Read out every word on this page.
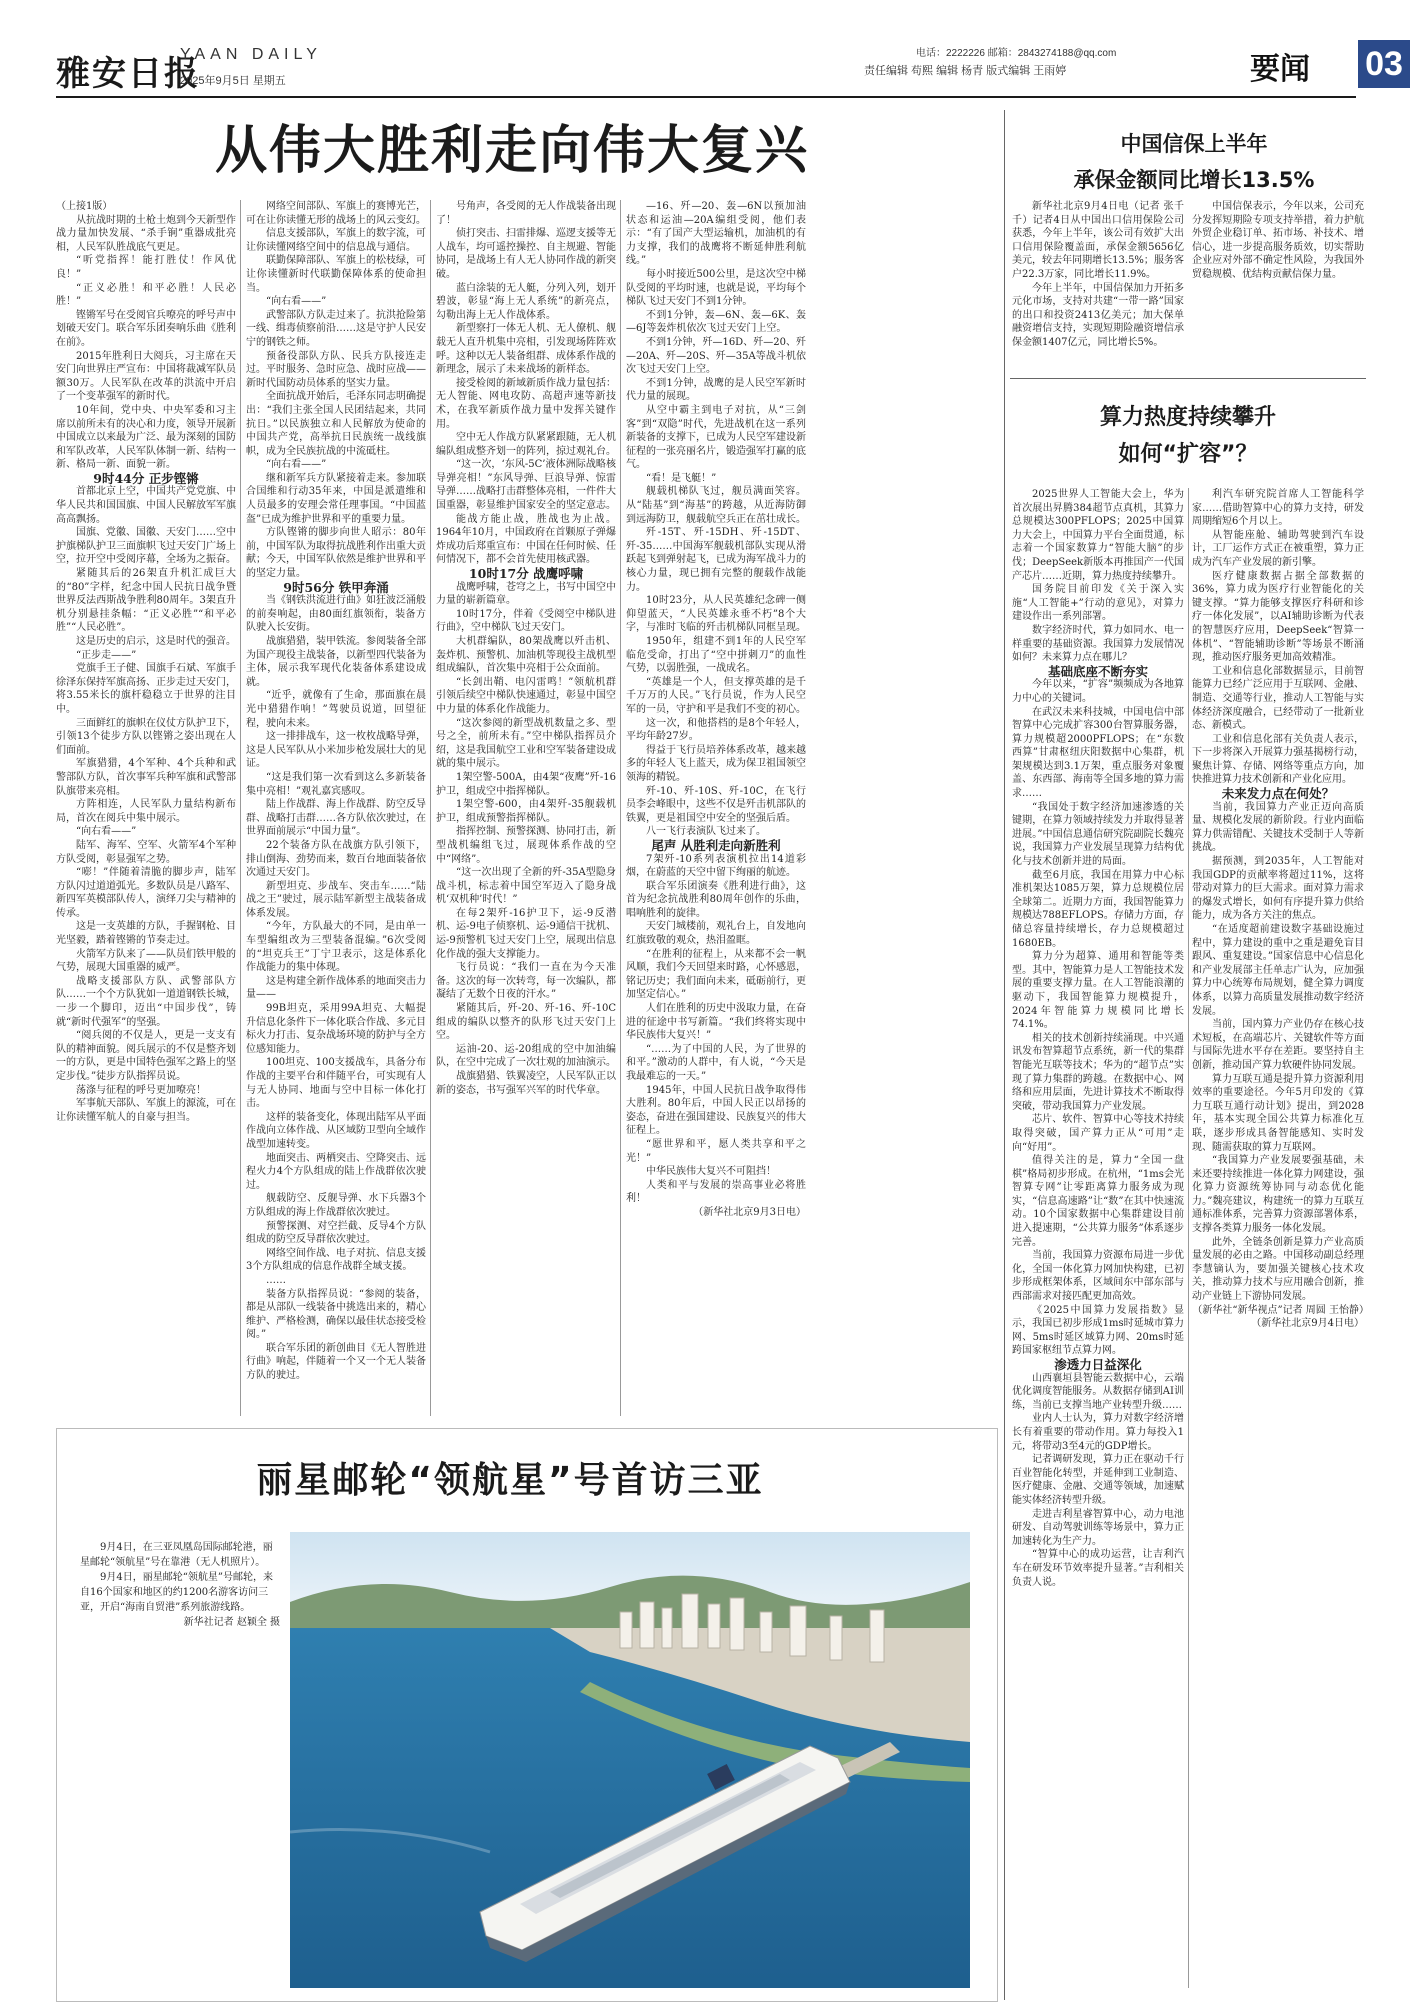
雅安日报
YAAN DAILY
2025年9月5日 星期五
电话：2222226 邮箱：2843274188@qq.com
责任编辑 苟熙 编辑 杨青 版式编辑 王雨婷	要闻 03
从伟大胜利走向伟大复兴	中国信保上半年
承保金额同比增长13.5%

（上接1版）

从抗战时期的土枪土炮到今天新型作战力量加快发展、“杀手锏”重器成批亮相，人民军队胜战底气更足。

“听党指挥！能打胜仗！作风优良！”

“正义必胜！和平必胜！人民必胜！”

铿锵军号在受阅官兵嘹亮的呼号声中划破天安门。联合军乐团奏响乐曲《胜利在前》。

2015年胜利日大阅兵，习主席在天安门向世界庄严宣布：中国将裁减军队员额30万。人民军队在改革的洪流中开启了一个变革强军的新时代。

10年间，党中央、中央军委和习主席以前所未有的决心和力度，领导开展新中国成立以来最为广泛、最为深刻的国防和军队改革，人民军队体制一新、结构一新、格局一新、面貌一新。

9时44分 正步铿锵

首都北京上空，中国共产党党旗、中华人民共和国国旗、中国人民解放军军旗高高飘扬。

国旗、党徽、国徽、天安门……空中护旗梯队护卫三面旗帜飞过天安门广场上空，拉开空中受阅序幕，全场为之振奋。

紧随其后的26架直升机汇成巨大的“80”字样，纪念中国人民抗日战争暨世界反法西斯战争胜利80周年。3架直升机分别悬挂条幅：“正义必胜”“和平必胜”“人民必胜”。

这是历史的启示，这是时代的强音。

“正步走——”

党旗手王子健、国旗手石斌、军旗手徐泽东保持军旗高扬、正步走过天安门，将3.55米长的旗杆稳稳立于世界的注目中。

三面鲜红的旗帜在仪仗方队护卫下，引领13个徒步方队以铿锵之姿出现在人们面前。

军旗猎猎，4个军种、4个兵种和武警部队方队，首次事军兵种军旗和武警部队旗带来亮相。

方阵相连，人民军队力量结构新布局，首次在阅兵中集中展示。

“向右看——”

陆军、海军、空军、火箭军4个军种方队受阅，彰显强军之势。

“嘭！”伴随着清脆的脚步声，陆军方队闪过道道弧光。多数队员是八路军、新四军英模部队传人，演绎刀尖与精神的传承。

这是一支英雄的方队，手握钢枪、目光坚毅，踏着铿锵的节奏走过。

火箭军方队来了——队员们铁甲般的气势，展现大国重器的威严。

战略支援部队方队、武警部队方队……一个个方队犹如一道道钢铁长城，一步一个脚印，迈出“中国步伐”，铸就“新时代强军”的坚强。

“阅兵阅的不仅是人，更是一支支有队的精神面貌。阅兵展示的不仅是整齐划一的方队，更是中国特色强军之路上的坚定步伐。”徒步方队指挥员说。

荡涤与征程的呼号更加嘹亮！

军事航天部队、军旗上的源流，可在让你读懂军航人的自豪与担当。

网络空间部队、军旗上的赛博光芒，可在让你读懂无形的战场上的风云变幻。

信息支援部队，军旗上的数字流，可让你读懂网络空间中的信息战与通信。

联勤保障部队、军旗上的松枝绿，可让你读懂新时代联勤保障体系的使命担当。

“向右看——”

武警部队方队走过来了。抗洪抢险第一线、缉毒侦察前沿……这是守护人民安宁的钢铁之师。

预备役部队方队、民兵方队接连走过。平时服务、急时应急、战时应战——新时代国防动员体系的坚实力量。

全面抗战开始后，毛泽东同志明确提出：“我们主张全国人民团结起来，共同抗日。”以民族独立和人民解放为使命的中国共产党，高举抗日民族统一战线旗帜，成为全民族抗战的中流砥柱。

“向右看——”

继和新军兵方队紧接着走来。参加联合国维和行动35年来，中国是派遣维和人员最多的安理会常任理事国。“中国蓝盔”已成为维护世界和平的重要力量。

方队铿锵的脚步向世人昭示：80年前，中国军队为取得抗战胜利作出重大贡献；今天，中国军队依然是维护世界和平的坚定力量。

9时56分 铁甲奔涌

当《钢铁洪流进行曲》如狂波泛涌般的前奏响起，由80面红旗领衔，装备方队驶入长安街。

战旗猎猎，装甲铁流。参阅装备全部为国产现役主战装备，以新型四代装备为主体，展示我军现代化装备体系建设成就。

“近乎，就像有了生命，那面旗在晨光中猎猎作响！”驾驶员说道，回望征程，驶向未来。

这一排排战车，这一枚枚战略导弹，这是人民军队从小米加步枪发展壮大的见证。

“这是我们第一次看到这么多新装备集中亮相！”观礼嘉宾感叹。

陆上作战群、海上作战群、防空反导群、战略打击群……各方队依次驶过，在世界面前展示“中国力量”。

22个装备方队在战旗方队引领下，排山倒海、劲势而来，数百台地面装备依次通过天安门。

新型坦克、步战车、突击车……“陆战之王”驶过，展示陆军新型主战装备成体系发展。

“今年，方队最大的不同，是由单一车型编组改为三型装备混编。”6次受阅的“坦克兵王”丁宁卫表示，这是体系化作战能力的集中体现。

这是构建全新作战体系的地面突击力量——

99B坦克，采用99A坦克、大幅提升信息化条件下一体化联合作战、多元目标火力打击、复杂战场环境的防护与全方位感知能力。

100坦克、100支援战车，具备分布作战的主要平台和伴随平台，可实现有人与无人协同、地面与空中目标一体化打击。

这样的装备变化，体现出陆军从平面作战向立体作战、从区域防卫型向全域作战型加速转变。

地面突击、两栖突击、空降突击、远程火力4个方队组成的陆上作战群依次驶过。

舰载防空、反舰导弹、水下兵器3个方队组成的海上作战群依次驶过。

预警探测、对空拦截、反导4个方队组成的防空反导群依次驶过。

网络空间作战、电子对抗、信息支援3个方队组成的信息作战群全域支援。

……

装备方队指挥员说：“参阅的装备，都是从部队一线装备中挑选出来的，精心维护、严格检测，确保以最佳状态接受检阅。”

联合军乐团的新创曲目《无人智胜进行曲》响起，伴随着一个又一个无人装备方队的驶过。

号角声，各受阅的无人作战装备出现了！

侦打突击、扫雷排爆、巡逻支援等无人战车，均可遥控操控、自主规避、智能协同，是战场上有人无人协同作战的新突破。

蓝白涂装的无人艇，分列入列，划开碧波，彰显“海上无人系统”的新亮点，勾勒出海上无人作战体系。

新型察打一体无人机、无人僚机、舰载无人直升机集中亮相，引发现场阵阵欢呼。这种以无人装备组群、成体系作战的新理念，展示了未来战场的新样态。

接受检阅的新域新质作战力量包括：无人智能、网电攻防、高超声速等新技术，在我军新质作战力量中发挥关键作用。

空中无人作战方队紧紧跟随，无人机编队组成整齐划一的阵列，掠过观礼台。

“这一次，‘东风-5C’液体洲际战略核导弹亮相！”东风导弹、巨浪导弹、惊雷导弹……战略打击群整体亮相，一件件大国重器，彰显维护国家安全的坚定意志。

能战方能止战，胜战也为止战。1964年10月，中国政府在首颗原子弹爆炸成功后郑重宣布：中国在任何时候、任何情况下，都不会首先使用核武器。

10时17分 战鹰呼啸

战鹰呼啸，苍穹之上，书写中国空中力量的崭新篇章。

10时17分，伴着《受阅空中梯队进行曲》，空中梯队飞过天安门。

大机群编队，80架战鹰以歼击机、轰炸机、预警机、加油机等现役主战机型组成编队，首次集中亮相于公众面前。

“长剑出鞘、电闪雷鸣！”领航机群引领后续空中梯队快速通过，彰显中国空中力量的体系化作战能力。

“这次参阅的新型战机数量之多、型号之全，前所未有。”空中梯队指挥员介绍，这是我国航空工业和空军装备建设成就的集中展示。

1架空警-500A，由4架“夜鹰”歼-16护卫，组成空中指挥梯队。

1架空警-600，由4架歼-35舰载机护卫，组成预警指挥梯队。

指挥控制、预警探测、协同打击，新型战机编组飞过，展现体系作战的空中“网络”。

“这一次出现了全新的歼-35A型隐身战斗机，标志着中国空军迈入了隐身战机‘双机种’时代！”

在每2架歼-16护卫下，运-9反潜机、运-9电子侦察机、运-9通信干扰机、运-9预警机飞过天安门上空，展现出信息化作战的强大支撑能力。

飞行员说：“我们一直在为今天准备。这次的每一次转弯，每一次编队，都凝结了无数个日夜的汗水。”

紧随其后，歼-20、歼-16、歼-10C组成的编队以整齐的队形飞过天安门上空。

运油-20、运-20组成的空中加油编队，在空中完成了一次壮观的加油演示。

战旗猎猎、铁翼凌空，人民军队正以新的姿态，书写强军兴军的时代华章。

—16、歼—20、轰—6N以预加油状态和运油—20A编组受阅，他们表示：“有了国产大型运输机，加油机的有力支撑，我们的战鹰将不断延伸胜利航线。”

每小时接近500公里，是这次空中梯队受阅的平均时速，也就是说，平均每个梯队飞过天安门不到1分钟。

不到1分钟，轰—6N、轰—6K、轰—6J等轰炸机依次飞过天安门上空。

不到1分钟，歼—16D、歼—20、歼—20A、歼—20S、歼—35A等战斗机依次飞过天安门上空。

不到1分钟，战鹰的是人民空军新时代力量的展现。

从空中霸主到电子对抗，从“三剑客”到“双隐”时代，先进战机在这一系列新装备的支撑下，已成为人民空军建设新征程的一张亮丽名片，锻造强军打赢的底气。

“看！是飞艇！”

舰载机梯队飞过，舰员满面笑容。从“陆基”到“海基”的跨越，从近海防御到远海防卫，舰载航空兵正在茁壮成长。

歼-15T、歼-15DH、歼-15DT、歼-35……中国海军舰载机部队实现从滑跃起飞到弹射起飞，已成为海军战斗力的核心力量，现已拥有完整的舰载作战能力。

10时23分，从人民英雄纪念碑一侧仰望蓝天，“人民英雄永垂不朽”8个大字，与准时飞临的歼击机梯队同框呈现。

1950年，组建不到1年的人民空军临危受命，打出了“空中拼刺刀”的血性气势，以弱胜强，一战成名。

“英雄是一个人，但支撑英雄的是千千万万的人民。”飞行员说，作为人民空军的一员，守护和平是我们不变的初心。

这一次，和他搭档的是8个年轻人，平均年龄27岁。

得益于飞行员培养体系改革，越来越多的年轻人飞上蓝天，成为保卫祖国领空领海的精锐。

歼-10、歼-10S、歼-10C，在飞行员李会峰眼中，这些不仅是歼击机部队的铁翼，更是祖国空中安全的坚强后盾。

八一飞行表演队飞过来了。

尾声 从胜利走向新胜利

7架歼-10系列表演机拉出14道彩烟，在蔚蓝的天空中留下绚丽的航迹。

联合军乐团演奏《胜利进行曲》，这首为纪念抗战胜利80周年创作的乐曲，唱响胜利的旋律。

天安门城楼前，观礼台上，自发地向红旗致敬的观众，热泪盈眶。

“在胜利的征程上，从来都不会一帆风顺，我们今天回望来时路，心怀感恩，铭记历史；我们面向未来，砥砺前行，更加坚定信心。”

人们在胜利的历史中汲取力量，在奋进的征途中书写新篇。“我们终将实现中华民族伟大复兴！”

“……为了中国的人民，为了世界的和平。”激动的人群中，有人说，“今天是我最难忘的一天。”

1945年，中国人民抗日战争取得伟大胜利。80年后，中国人民正以昂扬的姿态，奋进在强国建设、民族复兴的伟大征程上。

“愿世界和平，愿人类共享和平之光！”

中华民族伟大复兴不可阻挡！

人类和平与发展的崇高事业必将胜利！

（新华社北京9月3日电）

新华社北京9月4日电（记者 张千千）记者4日从中国出口信用保险公司获悉，今年上半年，该公司有效扩大出口信用保险覆盖面，承保金额5656亿美元，较去年同期增长13.5%；服务客户22.3万家，同比增长11.9%。

今年上半年，中国信保加力开拓多元化市场，支持对共建“一带一路”国家的出口和投资2413亿美元；加大保单融资增信支持，实现短期险融资增信承保金额1407亿元，同比增长5%。

中国信保表示，今年以来，公司充分发挥短期险专项支持举措，着力护航外贸企业稳订单、拓市场、补技术、增信心，进一步提高服务质效，切实帮助企业应对外部不确定性风险，为我国外贸稳规模、优结构贡献信保力量。

算力热度持续攀升
如何“扩容”？

2025世界人工智能大会上，华为首次展出昇腾384超节点真机，其算力总规模达300PFLOPS；2025中国算力大会上，中国算力平台全面贯通，标志着一个国家数算力“智能大脑”的步伐；DeepSeek新版本再推国产一代国产芯片……近期，算力热度持续攀升。

国务院目前印发《关于深入实施“人工智能+”行动的意见》，对算力建设作出一系列部署。

数字经济时代，算力如同水、电一样重要的基础资源。我国算力发展情况如何？未来算力点在哪儿？

基础底座不断夯实

今年以来，“扩容”频频成为各地算力中心的关键词。

在武汉未来科技城，中国电信中部智算中心完成扩容300台智算服务器，算力规模超2000PFLOPS；在“东数西算”甘肃枢纽庆阳数据中心集群，机架规模达到3.1万架，重点服务对象覆盖、东西部、海南等全国多地的算力需求……

“我国处于数字经济加速渗透的关键期，在算力领域持续发力并取得显著进展。”中国信息通信研究院副院长魏亮说，我国算力产业发展呈现算力结构优化与技术创新并进的局面。

截至6月底，我国在用算力中心标准机架达1085万架，算力总规模位居全球第二。近期力方面，我国智能算力规模达788EFLOPS。存储力方面，存储总容量持续增长，存力总规模超过1680EB。

算力分为超算、通用和智能等类型。其中，智能算力是人工智能技术发展的重要支撑力量。在人工智能浪潮的驱动下，我国智能算力规模提升，2024年智能算力规模同比增长74.1%。

相关的技术创新持续涌现。中兴通讯发布智算超节点系统，新一代的集群智能光互联等技术；华为的“超节点”实现了算力集群的跨越。在数据中心、网络和应用层面，先进计算技术不断取得突破，带动我国算力产业发展。

芯片、软件、智算中心等技术持续取得突破，国产算力正从“可用”走向“好用”。

值得关注的是，算力“全国一盘棋”格局初步形成。在杭州，“1ms会光智算专网”让零距离算力服务成为现实，“信息高速路”让“数”在其中快速流动。10个国家数据中心集群建设目前进入提速期，“公共算力服务”体系逐步完善。

当前，我国算力资源布局进一步优化，全国一体化算力网加快构建，已初步形成框架体系，区域间东中部东部与西部需求对接匹配更加高效。

《2025中国算力发展指数》显示，我国已初步形成1ms时延城市算力网、5ms时延区域算力网、20ms时延跨国家枢纽节点算力网。

渗透力日益深化

山西襄垣县智能云数据中心，云端优化调度智能服务。从数据存储到AI训练，当前已支撑当地产业转型升级……

业内人士认为，算力对数字经济增长有着重要的带动作用。算力每投入1元，将带动3至4元的GDP增长。

记者调研发现，算力正在驱动千行百业智能化转型，并延伸到工业制造、医疗健康、金融、交通等领域，加速赋能实体经济转型升级。

走进吉利星睿智算中心，动力电池研发、自动驾驶训练等场景中，算力正加速转化为生产力。

“智算中心的成功运营，让吉利汽车在研发环节效率提升显著。”吉利相关负责人说。

利汽车研究院首席人工智能科学家……借助智算中心的算力支持，研发周期缩短6个月以上。

从智能座舱、辅助驾驶到汽车设计，工厂运作方式正在被重塑，算力正成为汽车产业发展的新引擎。

医疗健康数据占据全部数据的36%，算力成为医疗行业智能化的关键支撑。“算力能够支撑医疗科研和诊疗一体化发展”，以AI辅助诊断为代表的智慧医疗应用，DeepSeek“智算一体机”、“智能辅助诊断”等场景不断涌现，推动医疗服务更加高效精准。

工业和信息化部数据显示，目前智能算力已经广泛应用于互联网、金融、制造、交通等行业，推动人工智能与实体经济深度融合，已经带动了一批新业态、新模式。

工业和信息化部有关负责人表示，下一步将深入开展算力强基揭榜行动，聚焦计算、存储、网络等重点方向，加快推进算力技术创新和产业化应用。

未来发力点在何处？

当前，我国算力产业正迈向高质量、规模化发展的新阶段。行业内面临算力供需错配、关键技术受制于人等新挑战。

据预测，到2035年，人工智能对我国GDP的贡献率将超过11%，这将带动对算力的巨大需求。面对算力需求的爆发式增长，如何有序提升算力供给能力，成为各方关注的焦点。

“在适度超前建设数字基础设施过程中，算力建设的重中之重是避免盲目跟风、重复建设。”国家信息中心信息化和产业发展部主任单志广认为，应加强算力中心统筹布局规划，健全算力调度体系，以算力高质量发展推动数字经济发展。

当前，国内算力产业仍存在核心技术短板，在高端芯片、关键软件等方面与国际先进水平存在差距。要坚持自主创新，推动国产算力软硬件协同发展。

算力互联互通是提升算力资源利用效率的重要途径。今年5月印发的《算力互联互通行动计划》提出，到2028年，基本实现全国公共算力标准化互联，逐步形成具备智能感知、实时发现、随需获取的算力互联网。

“我国算力产业发展要强基础，未来还要持续推进一体化算力网建设，强化算力资源统筹协同与动态优化能力。”魏亮建议，构建统一的算力互联互通标准体系，完善算力资源部署体系，支撑各类算力服务一体化发展。

此外，全链条创新是算力产业高质量发展的必由之路。中国移动副总经理李慧镝认为，要加强关键核心技术攻关，推动算力技术与应用融合创新，推动产业链上下游协同发展。

（新华社“新华视点”记者 周圆 王怡静）（新华社北京9月4日电）

丽星邮轮“领航星”号首访三亚

9月4日，在三亚凤凰岛国际邮轮港，丽星邮轮“领航星”号在靠港（无人机照片）。

9月4日，丽星邮轮“领航星”号邮轮，来自16个国家和地区的约1200名游客访问三亚，开启“海南自贸港”系列旅游线路。

新华社记者 赵颖全 摄
